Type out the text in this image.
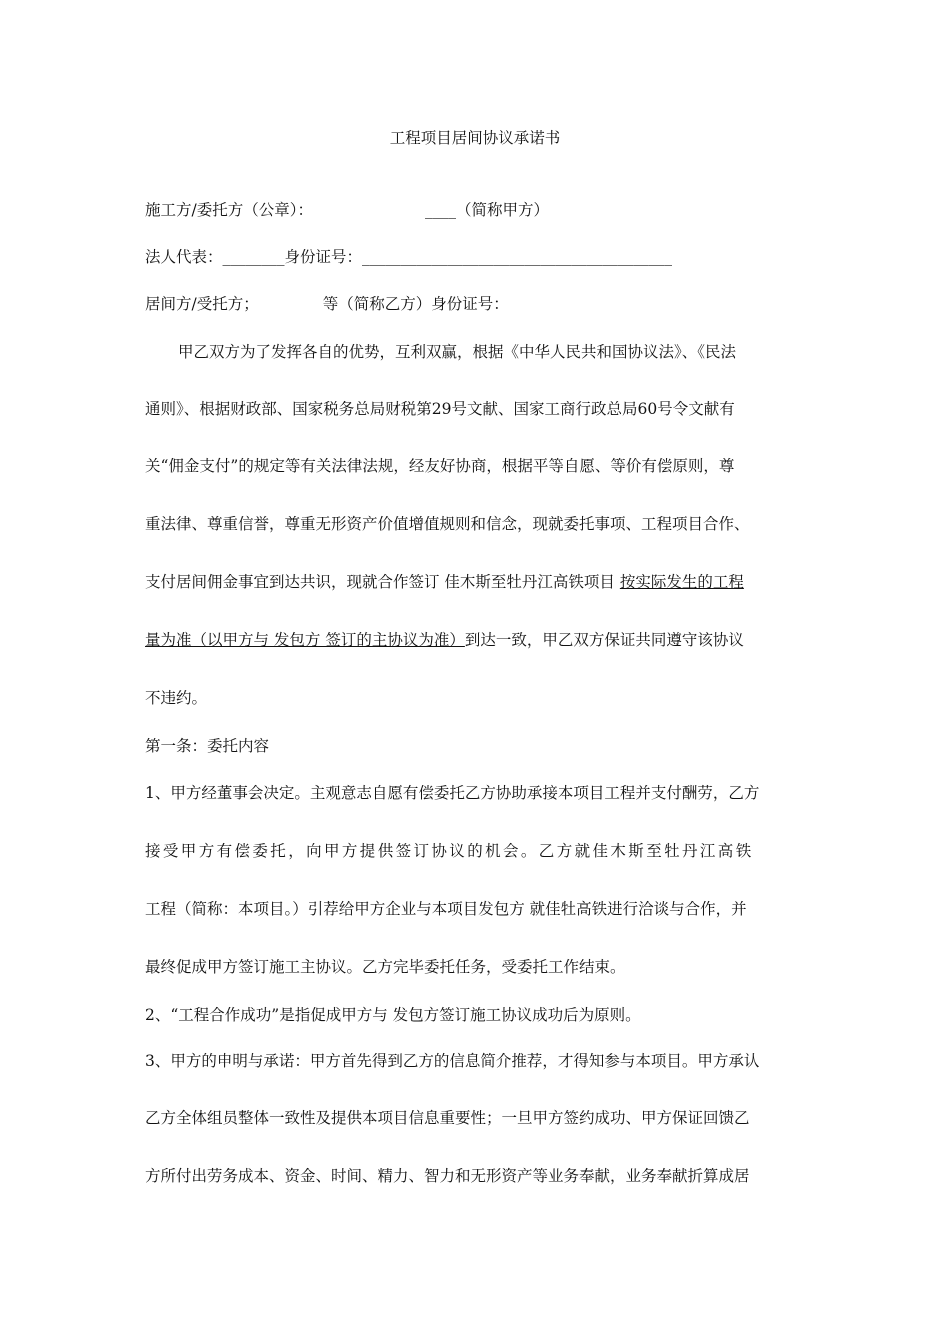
工程项目居间协议承诺书
施工方/委托方（公章）：	____（简称甲方）
法人代表：________身份证号：________________________________________
居间方/受托方；	等（简称乙方）身份证号：
甲乙双方为了发挥各自的优势，互利双赢，根据《中华人民共和国协议法》、《民法
通则》、根据财政部、国家税务总局财税第29号文献、国家工商行政总局60号令文献有
关“佣金支付”的规定等有关法律法规，经友好协商，根据平等自愿、等价有偿原则，尊
重法律、尊重信誉，尊重无形资产价值增值规则和信念，现就委托事项、工程项目合作、
支付居间佣金事宜到达共识，现就合作签订 佳木斯至牡丹江高铁项目 按实际发生的工程
量为准（以甲方与 发包方 签订的主协议为准）到达一致，甲乙双方保证共同遵守该协议
不违约。
第一条：委托内容
1、甲方经董事会决定。主观意志自愿有偿委托乙方协助承接本项目工程并支付酬劳，乙方
接受甲方有偿委托，向甲方提供签订协议的机会。乙方就佳木斯至牡丹江高铁
工程（简称：本项目。）引荐给甲方企业与本项目发包方 就佳牡高铁进行洽谈与合作，并
最终促成甲方签订施工主协议。乙方完毕委托任务，受委托工作结束。
2、“工程合作成功”是指促成甲方与 发包方签订施工协议成功后为原则。
3、甲方的申明与承诺：甲方首先得到乙方的信息简介推荐，才得知参与本项目。甲方承认
乙方全体组员整体一致性及提供本项目信息重要性；一旦甲方签约成功、甲方保证回馈乙
方所付出劳务成本、资金、时间、精力、智力和无形资产等业务奉献，业务奉献折算成居
